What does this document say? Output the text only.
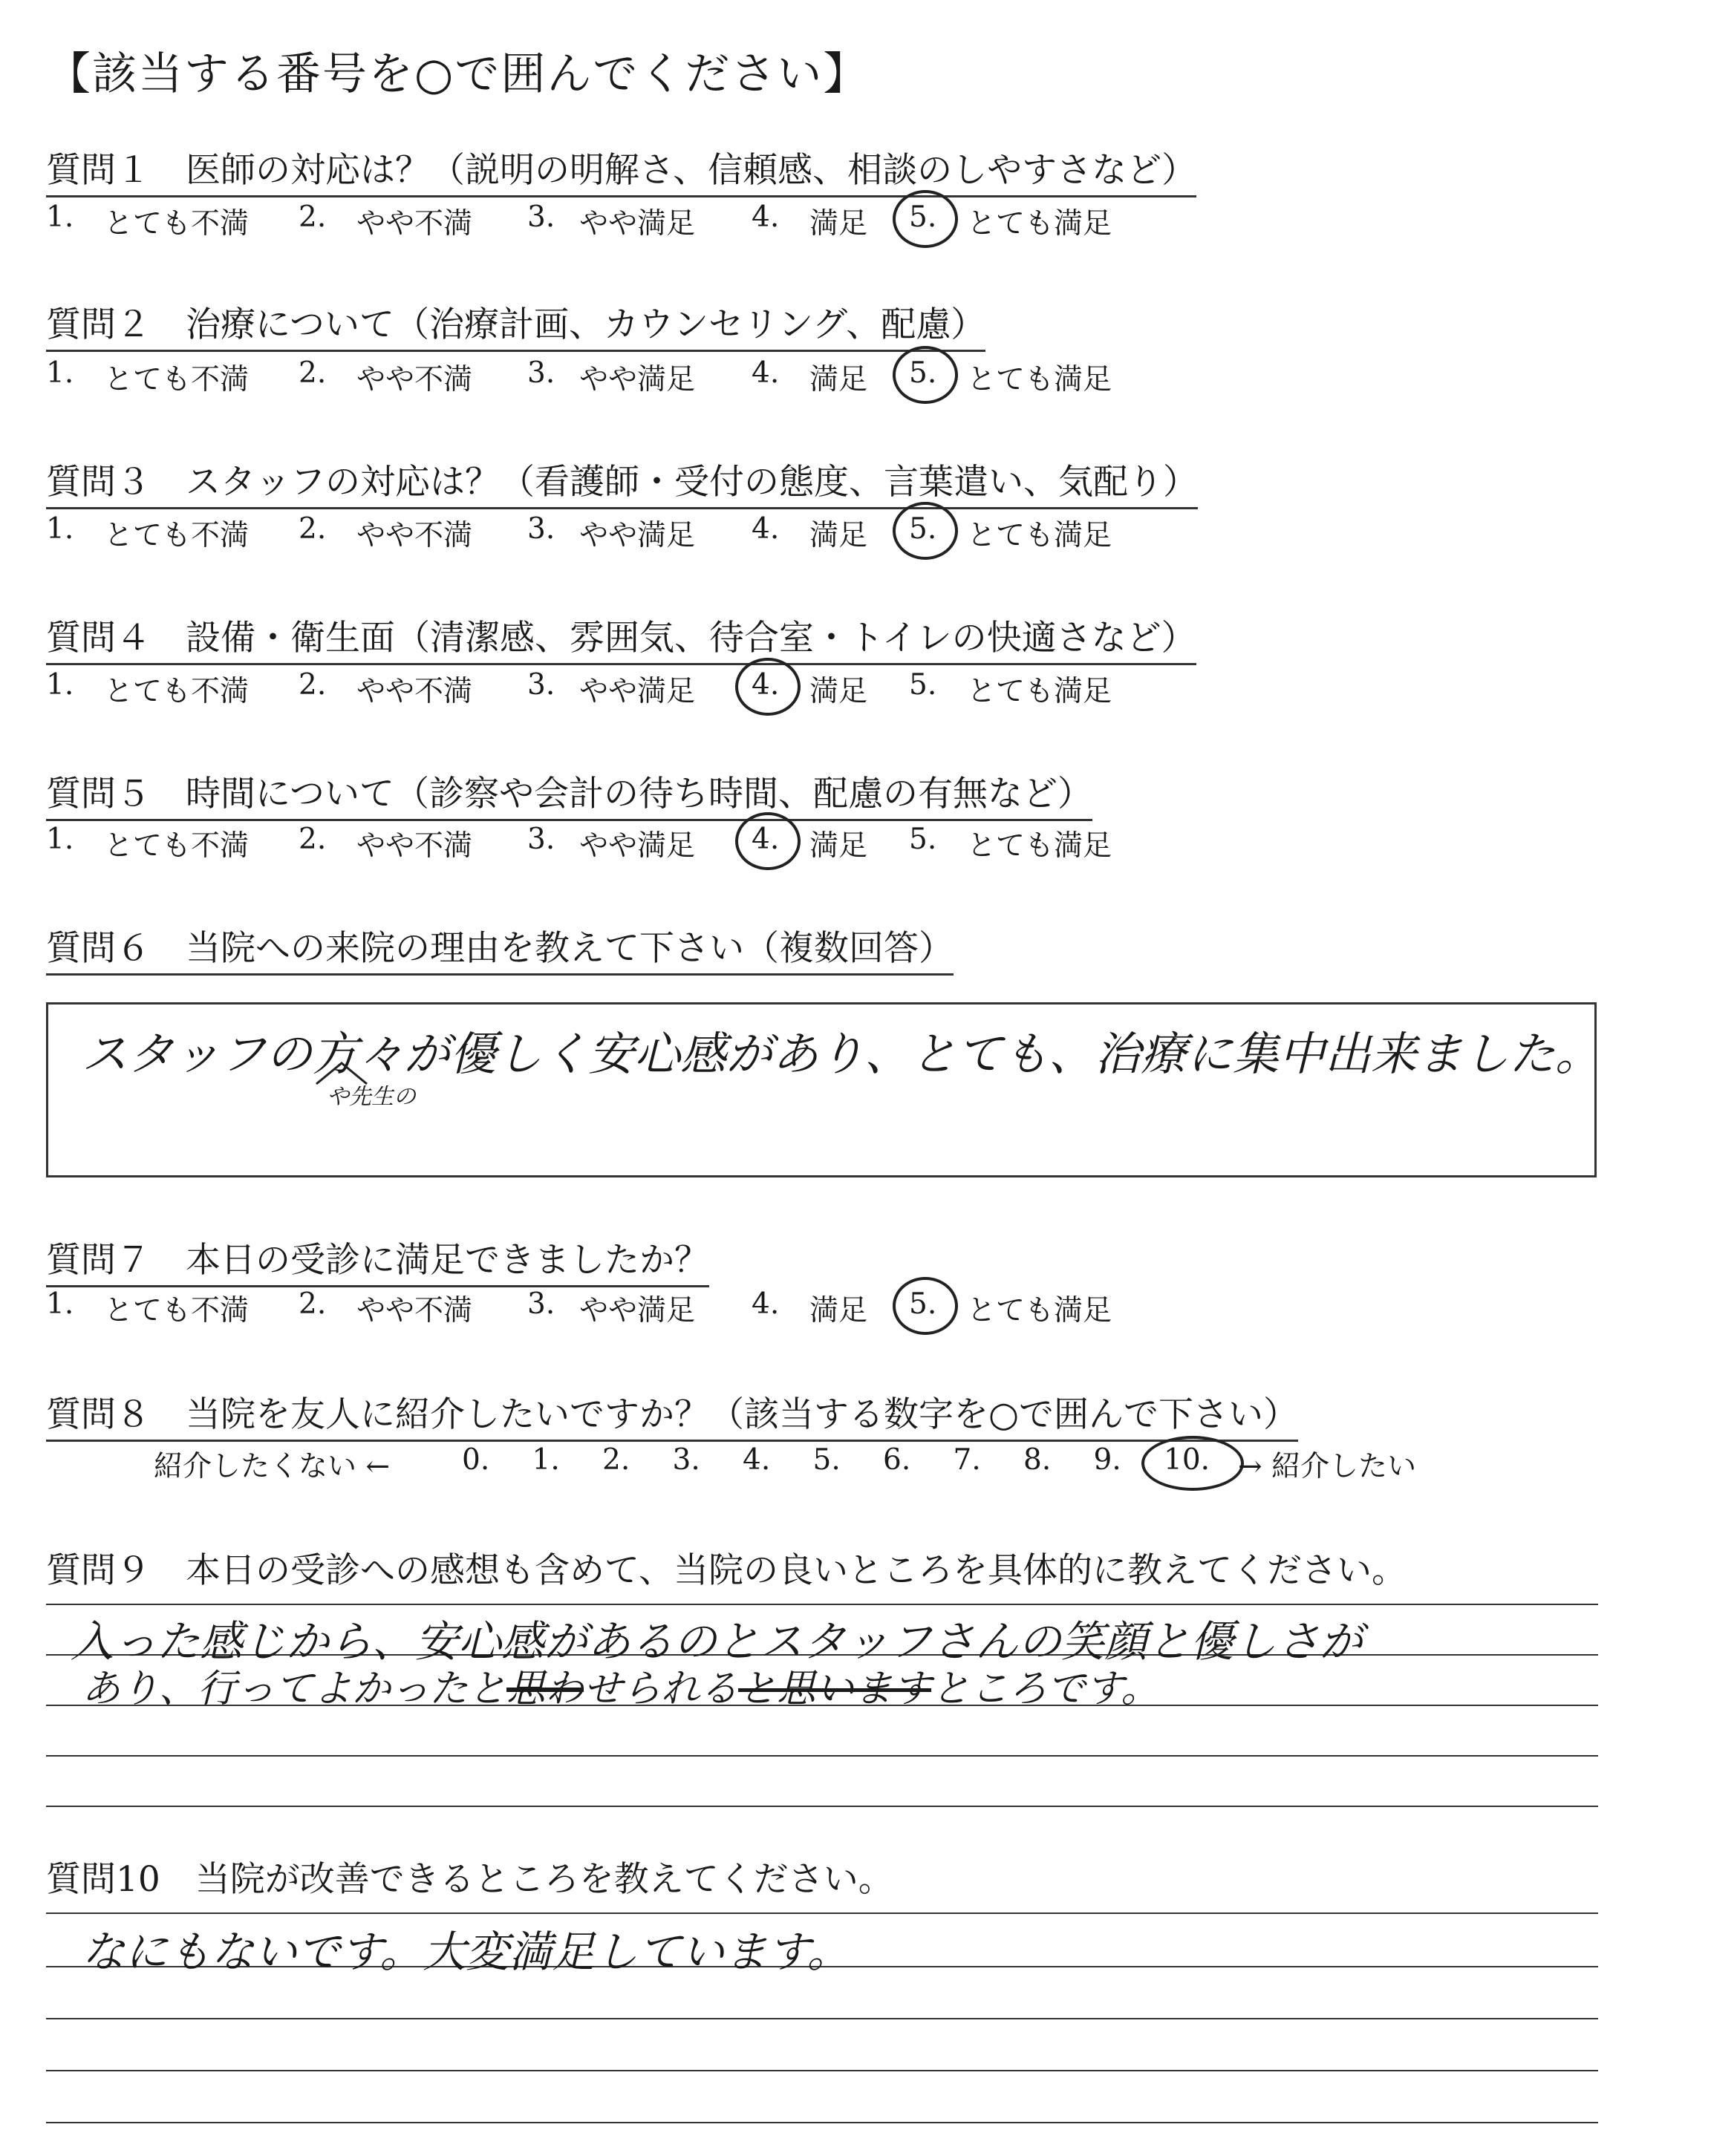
【該当する番号を○で囲んでください】
質問１　医師の対応は？（説明の明解さ、信頼感、相談のしやすさなど）
1. とても不満 2. やや不満 3. やや満足 4. 満足 5. とても満足
質問２　治療について（治療計画、カウンセリング、配慮）
1. とても不満 2. やや不満 3. やや満足 4. 満足 5. とても満足
質問３　スタッフの対応は？（看護師・受付の態度、言葉遣い、気配り）
1. とても不満 2. やや不満 3. やや満足 4. 満足 5. とても満足
質問４　設備・衛生面（清潔感、雰囲気、待合室・トイレの快適さなど）
1. とても不満 2. やや不満 3. やや満足 4. 満足 5. とても満足
質問５　時間について（診察や会計の待ち時間、配慮の有無など）
1. とても不満 2. やや不満 3. やや満足 4. 満足 5. とても満足
質問６　当院への来院の理由を教えて下さい（複数回答）
スタッフの方々が優しく安心感があり、とても、治療に集中出来ました。
や先生の
質問７　本日の受診に満足できましたか？
1. とても不満 2. やや不満 3. やや満足 4. 満足 5. とても満足
質問８　当院を友人に紹介したいですか？（該当する数字を○で囲んで下さい）
紹介したくない ← 0. 1. 2. 3. 4. 5. 6. 7. 8. 9. 10. → 紹介したい
質問９　本日の受診への感想も含めて、当院の良いところを具体的に教えてください。
入った感じから、安心感があるのとスタッフさんの笑顔と優しさが
あり、行ってよかったと思わせられると思いますところです。
質問10　当院が改善できるところを教えてください。
なにもないです。大変満足しています。
